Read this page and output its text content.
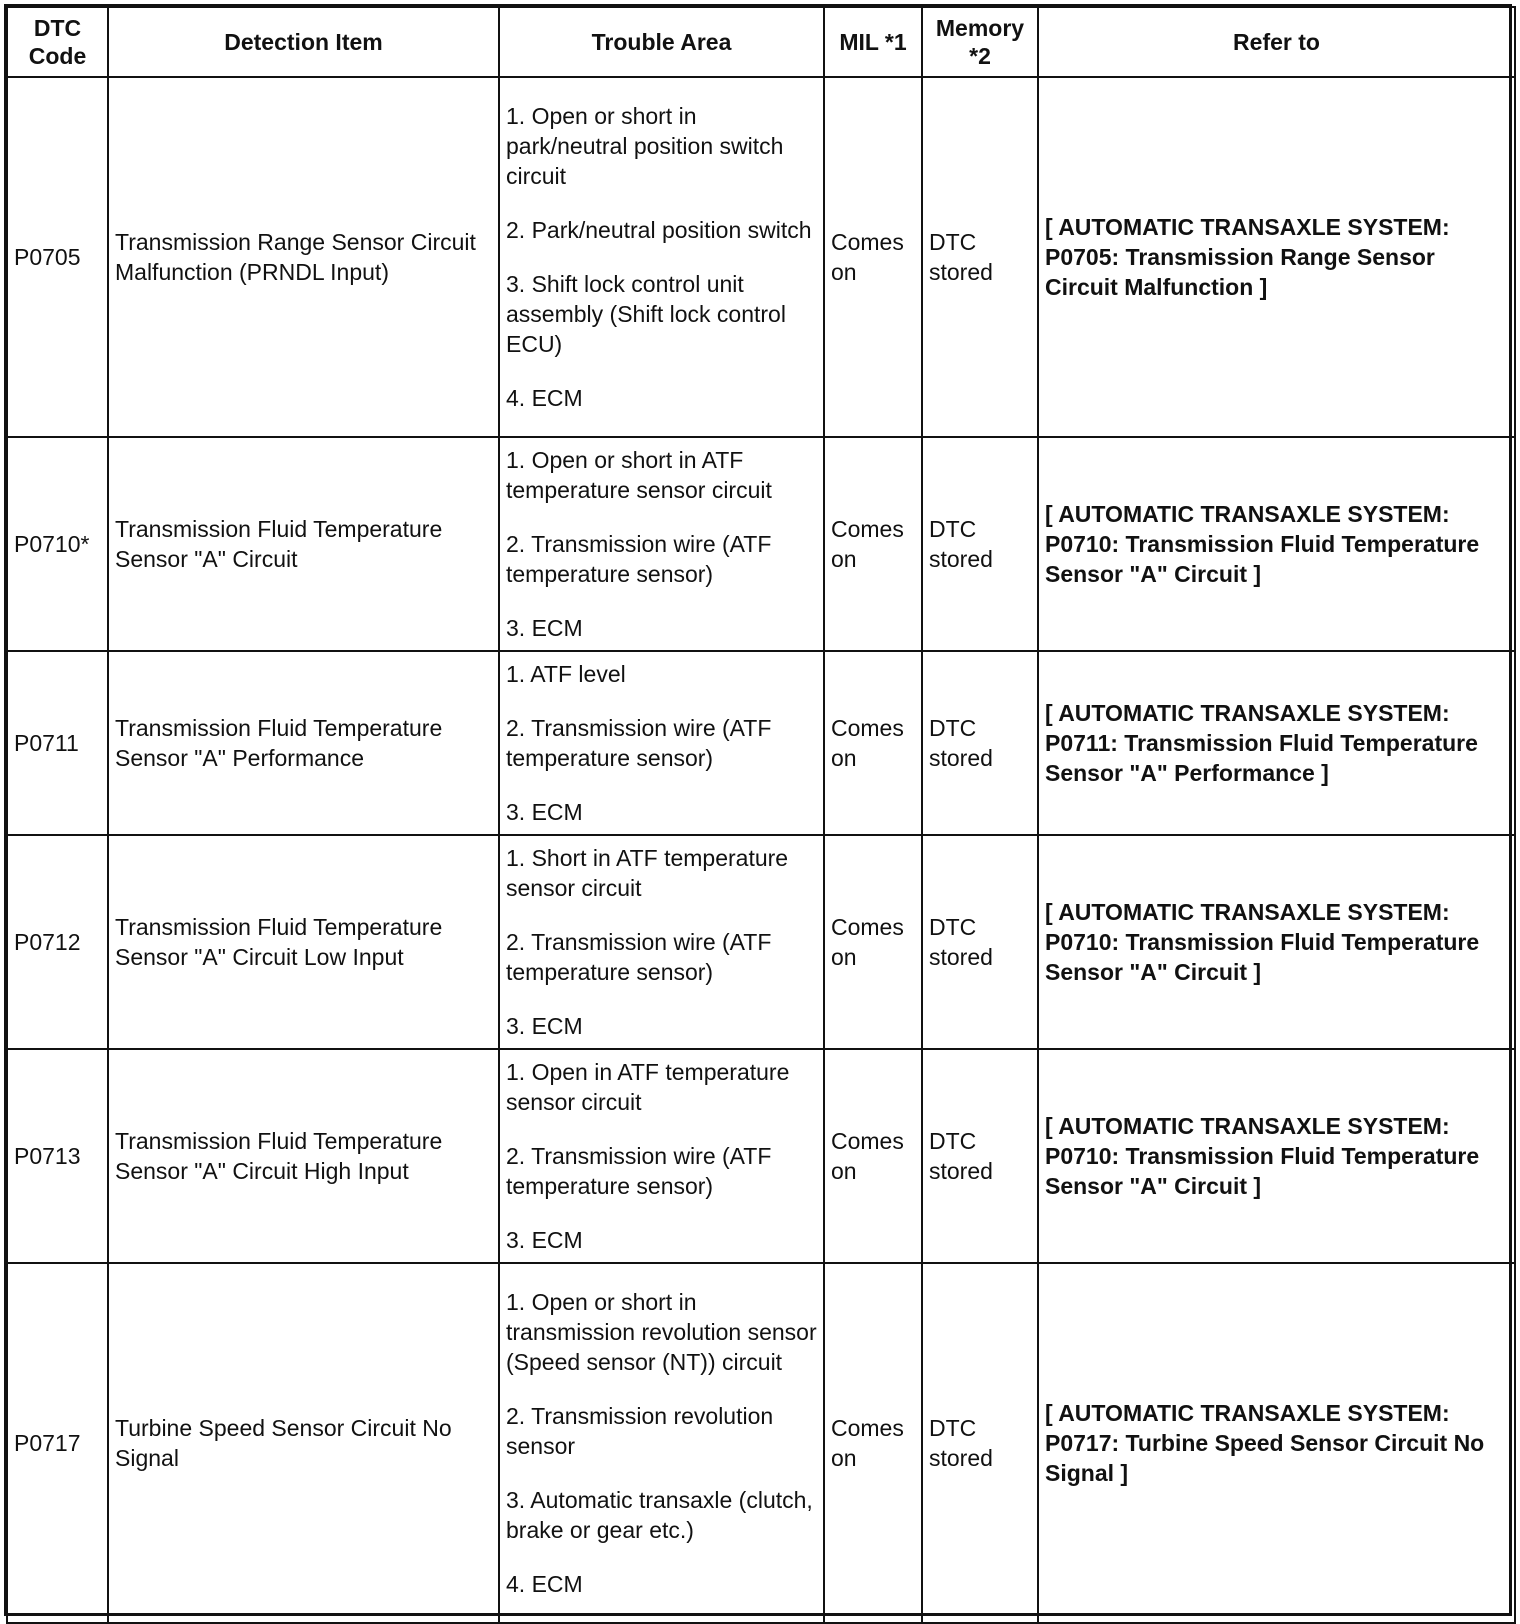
DTC Code	Detection Item	Trouble Area	MIL *1	Memory *2	Refer to
P0705	Transmission Range Sensor Circuit Malfunction (PRNDL Input)	1. Open or short in park/neutral position switch circuit
2. Park/neutral position switch
3. Shift lock control unit assembly (Shift lock control ECU)
4. ECM	Comes on	DTC stored	[ AUTOMATIC TRANSAXLE SYSTEM: P0705: Transmission Range Sensor Circuit Malfunction ]
P0710*	Transmission Fluid Temperature Sensor "A" Circuit	1. Open or short in ATF temperature sensor circuit
2. Transmission wire (ATF temperature sensor)
3. ECM	Comes on	DTC stored	[ AUTOMATIC TRANSAXLE SYSTEM: P0710: Transmission Fluid Temperature Sensor "A" Circuit ]
P0711	Transmission Fluid Temperature Sensor "A" Performance	1. ATF level
2. Transmission wire (ATF temperature sensor)
3. ECM	Comes on	DTC stored	[ AUTOMATIC TRANSAXLE SYSTEM: P0711: Transmission Fluid Temperature Sensor "A" Performance ]
P0712	Transmission Fluid Temperature Sensor "A" Circuit Low Input	1. Short in ATF temperature sensor circuit
2. Transmission wire (ATF temperature sensor)
3. ECM	Comes on	DTC stored	[ AUTOMATIC TRANSAXLE SYSTEM: P0710: Transmission Fluid Temperature Sensor "A" Circuit ]
P0713	Transmission Fluid Temperature Sensor "A" Circuit High Input	1. Open in ATF temperature sensor circuit
2. Transmission wire (ATF temperature sensor)
3. ECM	Comes on	DTC stored	[ AUTOMATIC TRANSAXLE SYSTEM: P0710: Transmission Fluid Temperature Sensor "A" Circuit ]
P0717	Turbine Speed Sensor Circuit No Signal	1. Open or short in transmission revolution sensor (Speed sensor (NT)) circuit
2. Transmission revolution sensor
3. Automatic transaxle (clutch, brake or gear etc.)
4. ECM	Comes on	DTC stored	[ AUTOMATIC TRANSAXLE SYSTEM: P0717: Turbine Speed Sensor Circuit No Signal ]
